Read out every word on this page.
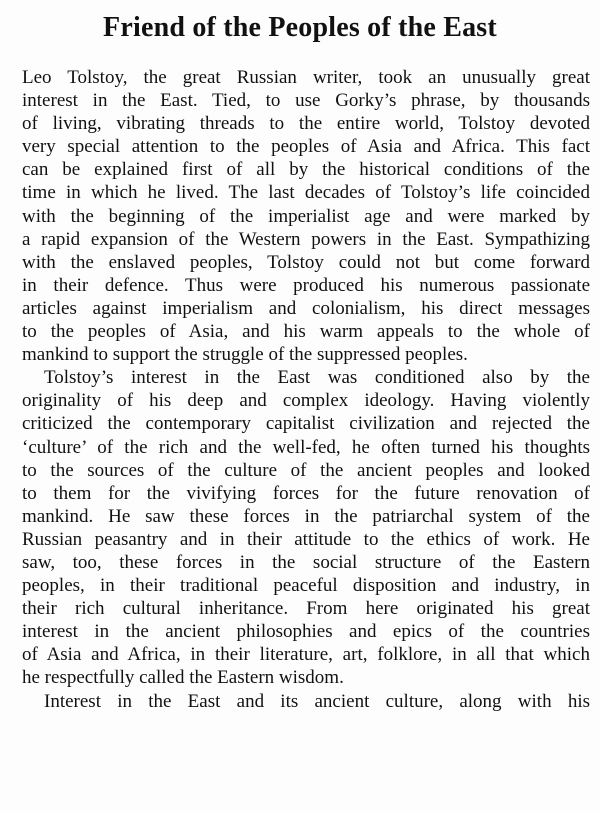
Friend of the Peoples of the East
Leo Tolstoy, the great Russian writer, took an unusually great
interest in the East. Tied, to use Gorky’s phrase, by thousands
of living, vibrating threads to the entire world, Tolstoy devoted
very special attention to the peoples of Asia and Africa. This fact
can be explained first of all by the historical conditions of the
time in which he lived. The last decades of Tolstoy’s life coincided
with the beginning of the imperialist age and were marked by
a rapid expansion of the Western powers in the East. Sympathizing
with the enslaved peoples, Tolstoy could not but come forward
in their defence. Thus were produced his numerous passionate
articles against imperialism and colonialism, his direct messages
to the peoples of Asia, and his warm appeals to the whole of
mankind to support the struggle of the suppressed peoples.
Tolstoy’s interest in the East was conditioned also by the
originality of his deep and complex ideology. Having violently
criticized the contemporary capitalist civilization and rejected the
‘culture’ of the rich and the well-fed, he often turned his thoughts
to the sources of the culture of the ancient peoples and looked
to them for the vivifying forces for the future renovation of
mankind. He saw these forces in the patriarchal system of the
Russian peasantry and in their attitude to the ethics of work. He
saw, too, these forces in the social structure of the Eastern
peoples, in their traditional peaceful disposition and industry, in
their rich cultural inheritance. From here originated his great
interest in the ancient philosophies and epics of the countries
of Asia and Africa, in their literature, art, folklore, in all that which
he respectfully called the Eastern wisdom.
Interest in the East and its ancient culture, along with his
